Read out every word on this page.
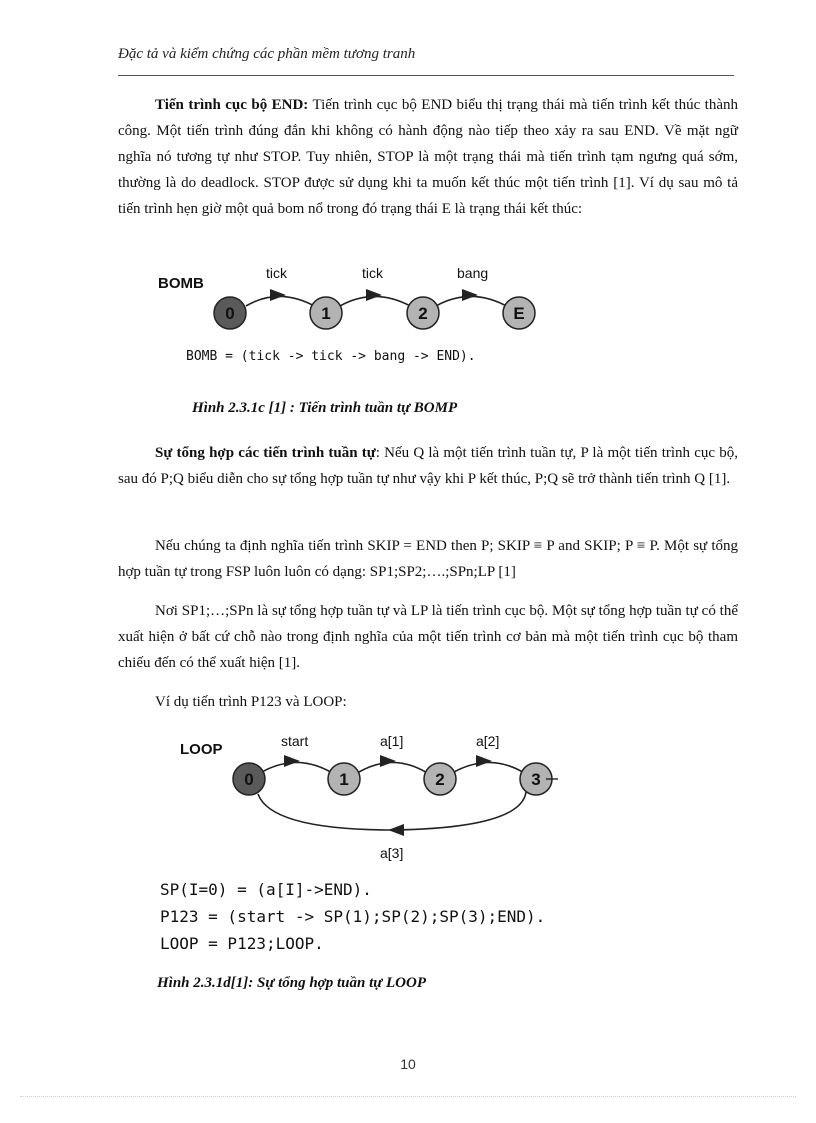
Đặc tả và kiểm chứng các phần mềm tương tranh

Tiến trình cục bộ END: Tiến trình cục bộ END biểu thị trạng thái mà tiến trình kết thúc thành công. Một tiến trình đúng đắn khi không có hành động nào tiếp theo xảy ra sau END. Về mặt ngữ nghĩa nó tương tự như STOP. Tuy nhiên, STOP là một trạng thái mà tiến trình tạm ngưng quá sớm, thường là do deadlock. STOP được sử dụng khi ta muốn kết thúc một tiến trình [1]. Ví dụ sau mô tả tiến trình hẹn giờ một quả bom nổ trong đó trạng thái E là trạng thái kết thúc:

BOMB
tick	tick	bang
0	1	2	E
BOMB = (tick -> tick -> bang -> END).
Hình 2.3.1c [1] : Tiến trình tuần tự BOMP

Sự tổng hợp các tiến trình tuần tự: Nếu Q là một tiến trình tuần tự, P là một tiến trình cục bộ, sau đó P;Q biểu diễn cho sự tổng hợp tuần tự như vậy khi P kết thúc, P;Q sẽ trở thành tiến trình Q [1].

Nếu chúng ta định nghĩa tiến trình SKIP = END then P; SKIP ≡ P and SKIP; P ≡ P. Một sự tổng hợp tuần tự trong FSP luôn luôn có dạng: SP1;SP2;….;SPn;LP [1]

Nơi SP1;…;SPn là sự tổng hợp tuần tự và LP là tiến trình cục bộ. Một sự tổng hợp tuần tự có thể xuất hiện ở bất cứ chỗ nào trong định nghĩa của một tiến trình cơ bản mà một tiến trình cục bộ tham chiếu đến có thể xuất hiện [1].

Ví dụ tiến trình P123 và LOOP:

LOOP	start	a[1]	a[2]
a[3]
0	1	2	3
SP(I=0) = (a[I]->END).
P123 = (start -> SP(1);SP(2);SP(3);END).
LOOP = P123;LOOP.
Hình 2.3.1d[1]: Sự tổng hợp tuần tự LOOP
10
